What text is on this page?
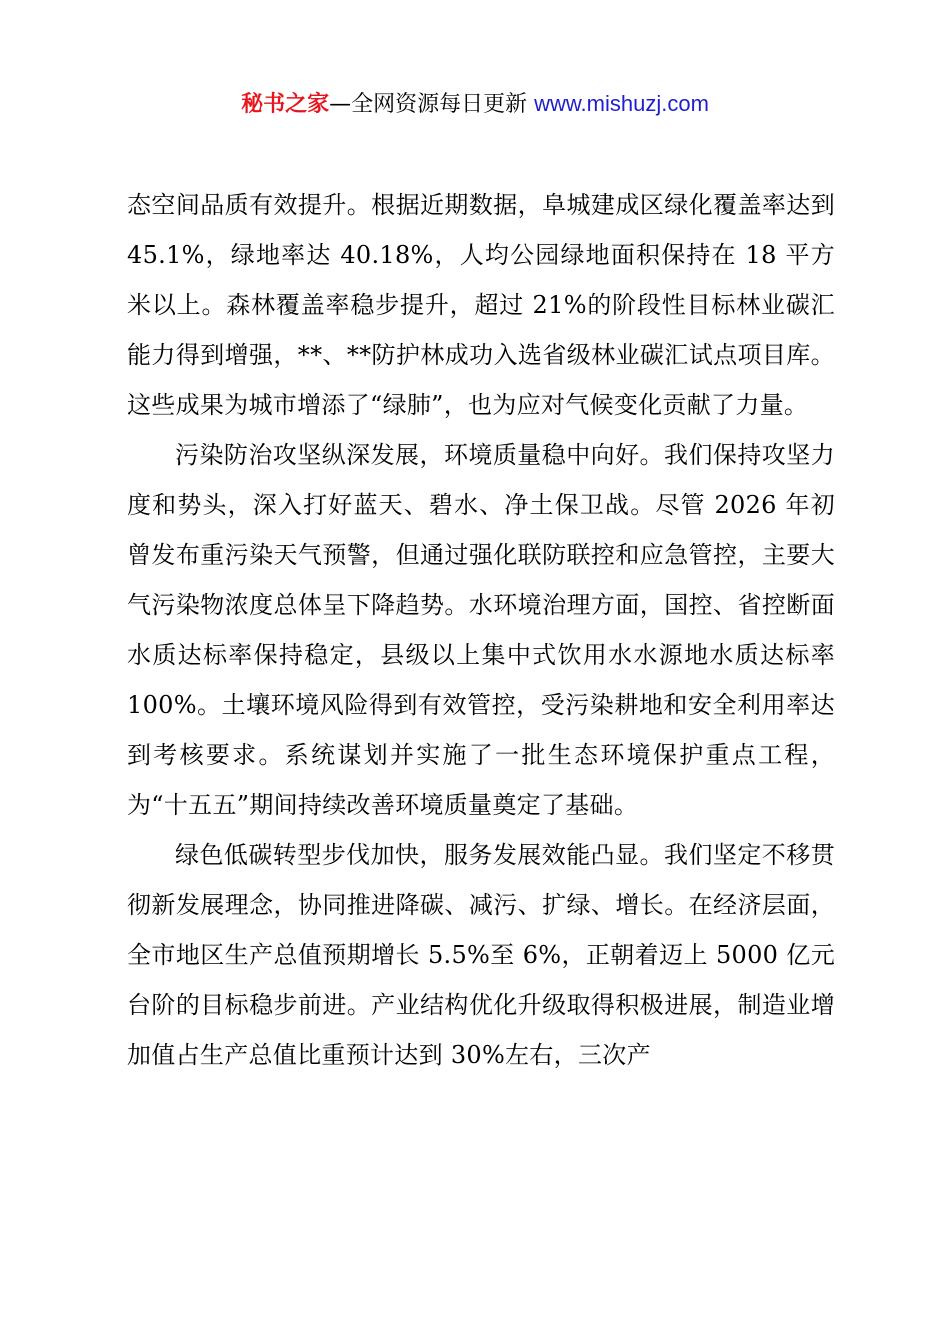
秘书之家—全网资源每日更新 www.mishuzj.com

态空间品质有效提升。根据近期数据，阜城建成区绿化覆盖率达到 45.1%，绿地率达 40.18%，人均公园绿地面积保持在 18 平方米以上。森林覆盖率稳步提升，超过 21%的阶段性目标林业碳汇能力得到增强，**、**防护林成功入选省级林业碳汇试点项目库。这些成果为城市增添了“绿肺”，也为应对气候变化贡献了力量。

污染防治攻坚纵深发展，环境质量稳中向好。我们保持攻坚力度和势头，深入打好蓝天、碧水、净土保卫战。尽管 2026 年初曾发布重污染天气预警，但通过强化联防联控和应急管控，主要大气污染物浓度总体呈下降趋势。水环境治理方面，国控、省控断面水质达标率保持稳定，县级以上集中式饮用水水源地水质达标率 100%。土壤环境风险得到有效管控，受污染耕地和安全利用率达到考核要求。系统谋划并实施了一批生态环境保护重点工程，为“十五五”期间持续改善环境质量奠定了基础。

绿色低碳转型步伐加快，服务发展效能凸显。我们坚定不移贯彻新发展理念，协同推进降碳、减污、扩绿、增长。在经济层面，全市地区生产总值预期增长 5.5%至 6%，正朝着迈上 5000 亿元台阶的目标稳步前进。产业结构优化升级取得积极进展，制造业增加值占生产总值比重预计达到 30%左右，三次产
